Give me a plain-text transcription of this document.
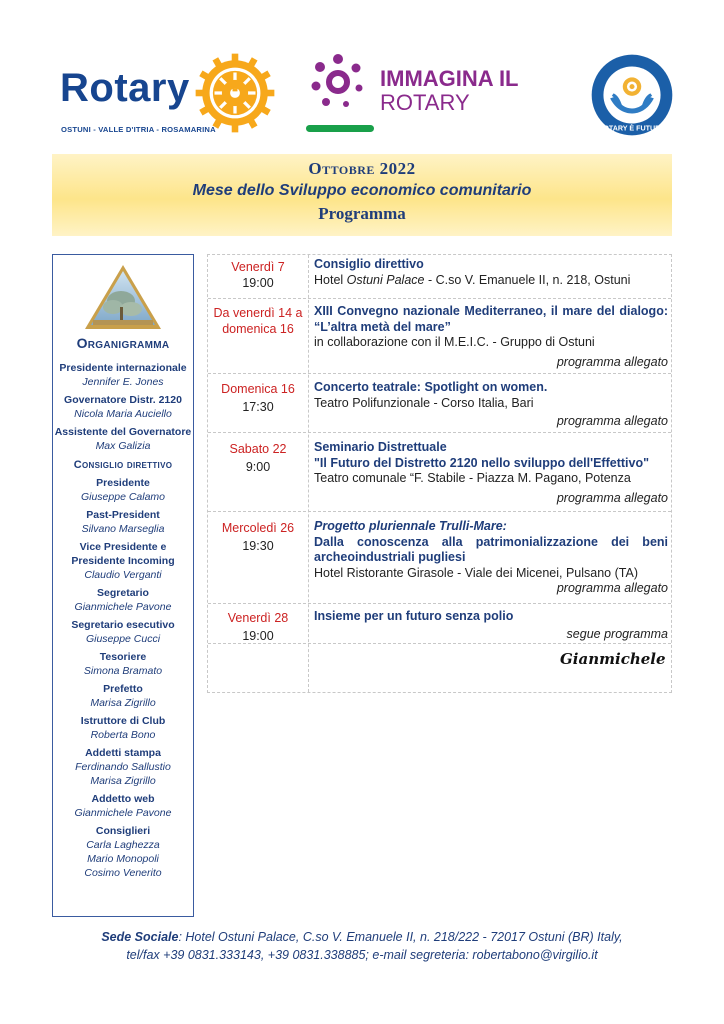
Rotary
OSTUNI - VALLE D'ITRIA - ROSAMARINA
IMMAGINA IL
ROTARY
ROTARY È FUTURO
Ottobre 2022
Mese dello Sviluppo economico comunitario
Programma
Organigramma
Presidente internazionale
Jennifer E. Jones
Governatore Distr. 2120
Nicola Maria Auciello
Assistente del Governatore
Max Galizia
Consiglio direttivo
Presidente
Giuseppe Calamo
Past-President
Silvano Marseglia
Vice Presidente e Presidente Incoming
Claudio Verganti
Segretario
Gianmichele Pavone
Segretario esecutivo
Giuseppe Cucci
Tesoriere
Simona Bramato
Prefetto
Marisa Zigrillo
Istruttore di Club
Roberta Bono
Addetti stampa
Ferdinando Sallustio
Marisa Zigrillo
Addetto web
Gianmichele Pavone
Consiglieri
Carla Laghezza
Mario Monopoli
Cosimo Venerito
Venerdì 7
19:00
Consiglio direttivo
Hotel Ostuni Palace - C.so V. Emanuele II, n. 218, Ostuni
Da venerdì 14 a domenica 16
XIII Convegno nazionale Mediterraneo, il mare del dialogo: “L’altra metà del mare”
in collaborazione con il M.E.I.C. - Gruppo di Ostuni
programma allegato
Domenica 16
17:30
Concerto teatrale: Spotlight on women.
Teatro Polifunzionale - Corso Italia, Bari
programma allegato
Sabato 22
9:00
Seminario Distrettuale
"Il Futuro del Distretto 2120 nello sviluppo dell'Effettivo"
Teatro comunale “F. Stabile - Piazza M. Pagano, Potenza
programma allegato
Mercoledì 26
19:30
Progetto pluriennale Trulli-Mare:
Dalla conoscenza alla patrimonializzazione dei beni archeoindustriali pugliesi
Hotel Ristorante Girasole - Viale dei Micenei, Pulsano (TA)
programma allegato
Venerdì 28
19:00
Insieme per un futuro senza polio
segue programma
Gianmichele
Sede Sociale: Hotel Ostuni Palace, C.so V. Emanuele II, n. 218/222 - 72017 Ostuni (BR) Italy,
tel/fax +39 0831.333143, +39 0831.338885; e-mail segreteria: robertabono@virgilio.it
